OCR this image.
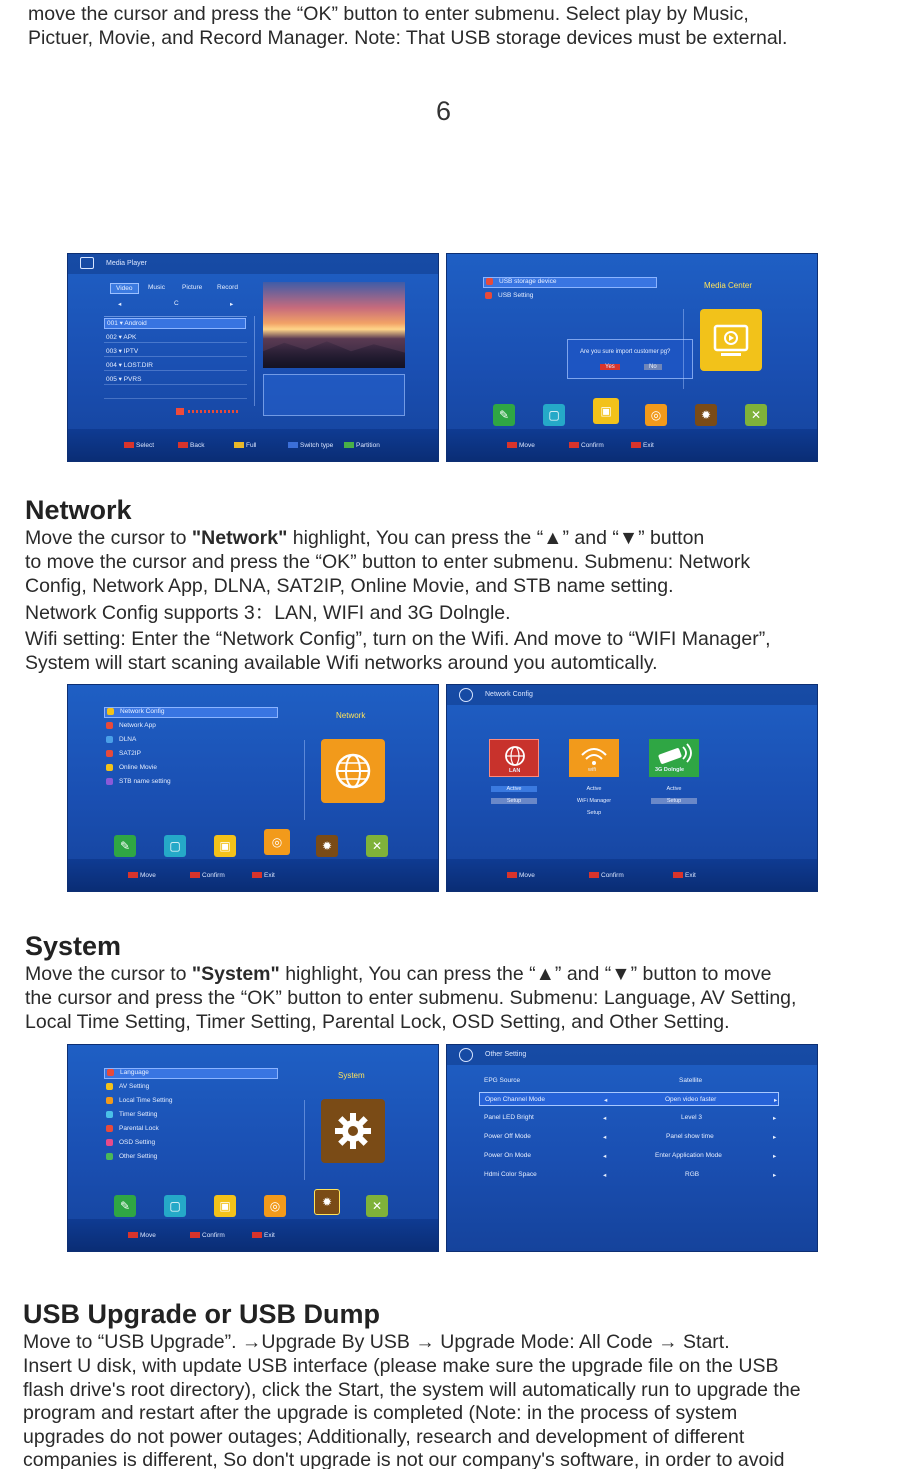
move the cursor and press the “OK” button to enter submenu. Select play by Music,
Pictuer, Movie, and Record Manager. Note: That USB storage devices must be external.
6
Media Player
Video	Music	Picture Record
◂	C	▸
001 ▾ Android
002 ▾ APK
003 ▾ IPTV
004 ▾ LOST.DIR
005 ▾ PVRS
Select	Back	Full	Switch type	Partition
USB storage device
USB Setting
Media Center
Are you sure import customer pg?
Yes	No
✎	▢	▣	◎	✹	✕
Move	Confirm	Exit
Network
Move the cursor to "Network" highlight, You can press the “▲” and “▼” button
to move the cursor and press the “OK” button to enter submenu. Submenu: Network
Config, Network App, DLNA, SAT2IP, Online Movie, and STB name setting.
Network Config supports 3：LAN, WIFI and 3G Dolngle.
Wifi setting: Enter the “Network Config”, turn on the Wifi. And move to “WIFI Manager”,
System will start scaning available Wifi networks around you automtically.
Network Config
Network App
DLNA
SAT2IP
Online Movie
STB name setting
Network
✎	▢	▣	◎	✹	✕
Move	Confirm	Exit
Network Config
LAN
Active
Setup
wifi
Active
WiFi Manager
Setup
3G Dolngle
Active
Setup
Move	Confirm	Exit
System
Move the cursor to "System" highlight, You can press the “▲” and “▼” button to move
the cursor and press the “OK” button to enter submenu. Submenu: Language, AV Setting,
Local Time Setting, Timer Setting, Parental Lock, OSD Setting, and Other Setting.
Language
AV Setting
Local Time Setting
Timer Setting
Parental Lock
OSD Setting
Other Setting
System
✎	▢	▣	◎	✹	✕
Move	Confirm	Exit
Other Setting
EPG Source	Satellite
Open Channel Mode	◂	Open video faster	▸
Panel LED Bright	◂	Level 3	▸
Power Off Mode	◂	Panel show time	▸
Power On Mode	◂	Enter Application Mode	▸
Hdmi Color Space	◂	RGB	▸
USB Upgrade or USB Dump
Move to “USB Upgrade”. →Upgrade By USB → Upgrade Mode: All Code → Start.
Insert U disk, with update USB interface (please make sure the upgrade file on the USB
flash drive's root directory), click the Start, the system will automatically run to upgrade the
program and restart after the upgrade is completed (Note: in the process of system
upgrades do not power outages; Additionally, research and development of different
companies is different, So don't upgrade is not our company's software, in order to avoid
